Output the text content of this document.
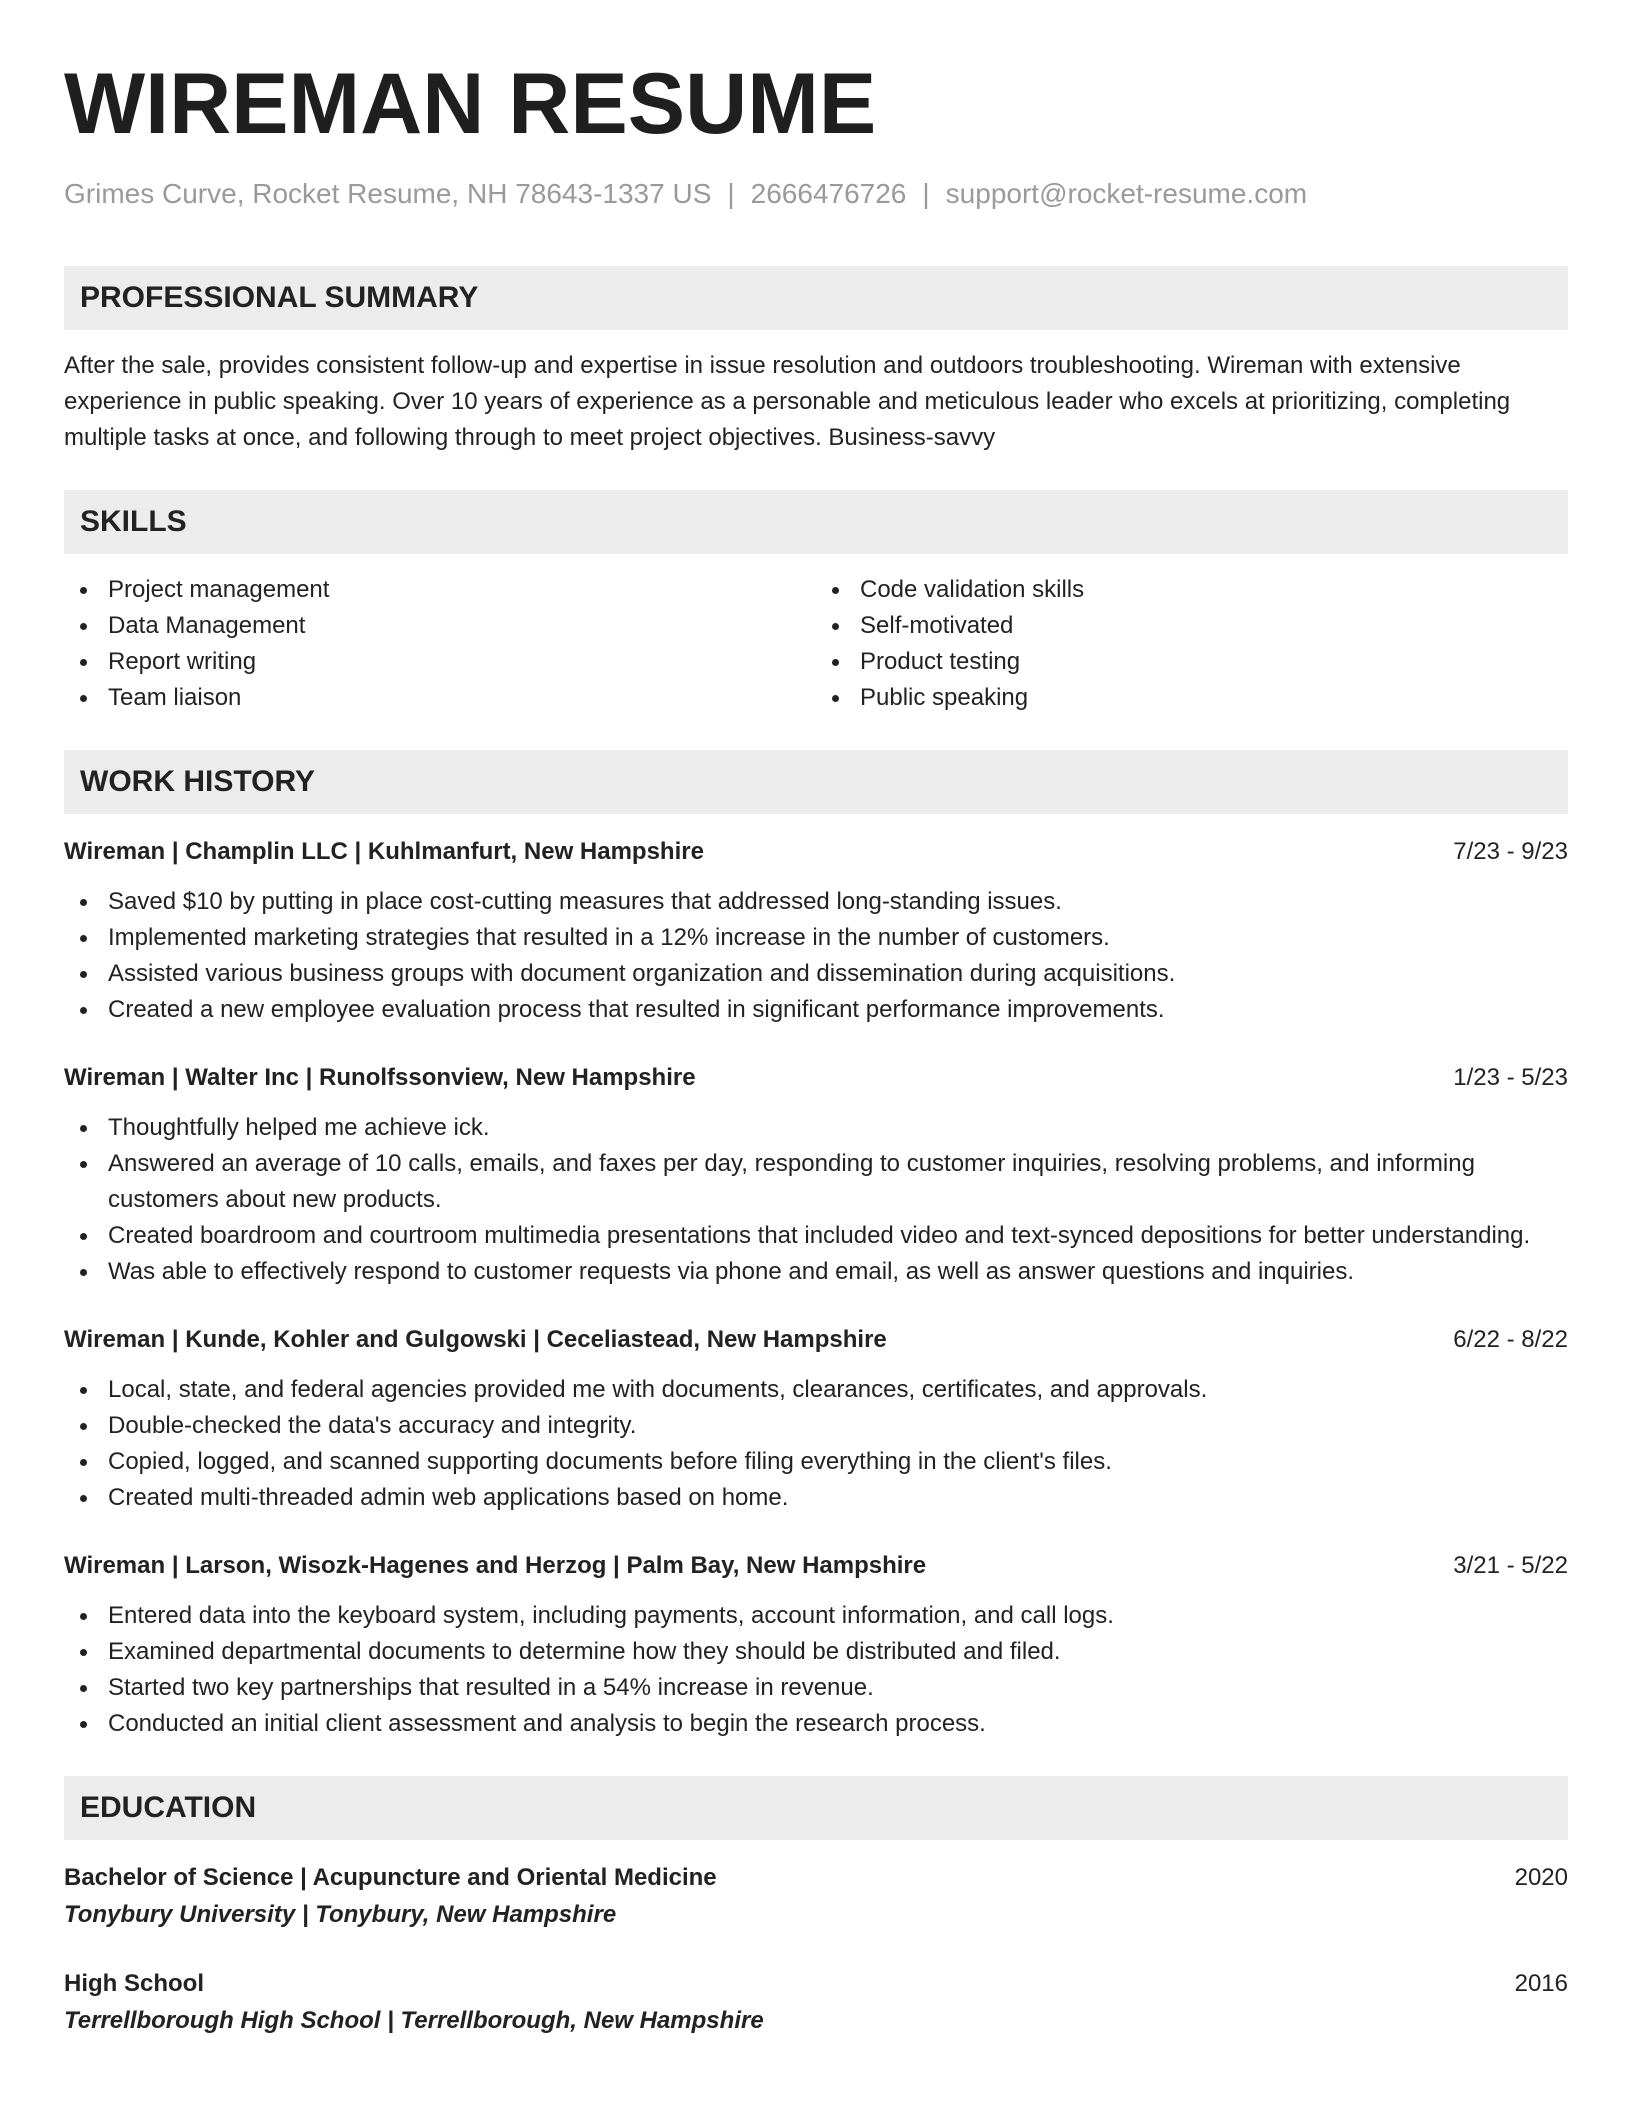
WIREMAN RESUME
Grimes Curve, Rocket Resume, NH 78643-1337 US | 2666476726 | support@rocket-resume.com
PROFESSIONAL SUMMARY

After the sale, provides consistent follow-up and expertise in issue resolution and outdoors troubleshooting. Wireman with extensive experience in public speaking. Over 10 years of experience as a personable and meticulous leader who excels at prioritizing, completing multiple tasks at once, and following through to meet project objectives. Business-savvy

SKILLS
Project management
Data Management
Report writing
Team liaison
Code validation skills
Self-motivated
Product testing
Public speaking
WORK HISTORY
Wireman | Champlin LLC | Kuhlmanfurt, New Hampshire	7/23 - 9/23
Saved $10 by putting in place cost-cutting measures that addressed long-standing issues.
Implemented marketing strategies that resulted in a 12% increase in the number of customers.
Assisted various business groups with document organization and dissemination during acquisitions.
Created a new employee evaluation process that resulted in significant performance improvements.
Wireman | Walter Inc | Runolfssonview, New Hampshire	1/23 - 5/23
Thoughtfully helped me achieve ick.
Answered an average of 10 calls, emails, and faxes per day, responding to customer inquiries, resolving problems, and informing customers about new products.
Created boardroom and courtroom multimedia presentations that included video and text-synced depositions for better understanding.
Was able to effectively respond to customer requests via phone and email, as well as answer questions and inquiries.
Wireman | Kunde, Kohler and Gulgowski | Ceceliastead, New Hampshire	6/22 - 8/22
Local, state, and federal agencies provided me with documents, clearances, certificates, and approvals.
Double-checked the data's accuracy and integrity.
Copied, logged, and scanned supporting documents before filing everything in the client's files.
Created multi-threaded admin web applications based on home.
Wireman | Larson, Wisozk-Hagenes and Herzog | Palm Bay, New Hampshire	3/21 - 5/22
Entered data into the keyboard system, including payments, account information, and call logs.
Examined departmental documents to determine how they should be distributed and filed.
Started two key partnerships that resulted in a 54% increase in revenue.
Conducted an initial client assessment and analysis to begin the research process.
EDUCATION
Bachelor of Science | Acupuncture and Oriental Medicine	2020
Tonybury University | Tonybury, New Hampshire
High School	2016
Terrellborough High School | Terrellborough, New Hampshire
